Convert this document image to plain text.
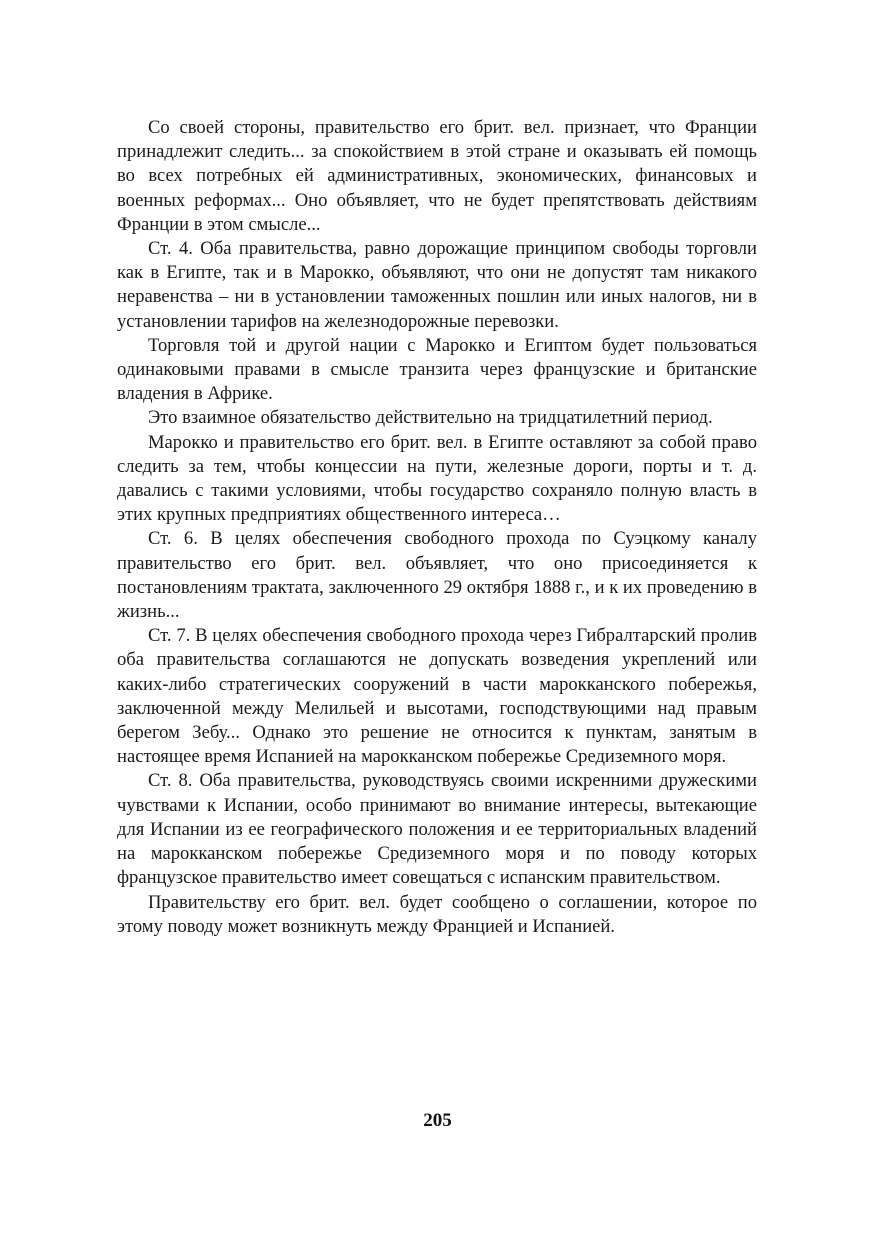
Со своей стороны, правительство его брит. вел. признает, что Франции принадлежит следить... за спокойствием в этой стране и оказывать ей помощь во всех потребных ей административных, экономических, финансовых и военных реформах... Оно объявляет, что не будет препятствовать действиям Франции в этом смысле...

Ст. 4. Оба правительства, равно дорожащие принципом свободы торговли как в Египте, так и в Марокко, объявляют, что они не допустят там никакого неравенства – ни в установлении таможенных пошлин или иных налогов, ни в установлении тарифов на железнодорожные перевозки.

Торговля той и другой нации с Марокко и Египтом будет пользоваться одинаковыми правами в смысле транзита через французские и британские владения в Африке.

Это взаимное обязательство действительно на тридцатилетний период.

Марокко и правительство его брит. вел. в Египте оставляют за собой право следить за тем, чтобы концессии на пути, железные дороги, порты и т. д. давались с такими условиями, чтобы государство сохраняло полную власть в этих крупных предприятиях общественного интереса…

Ст. 6. В целях обеспечения свободного прохода по Суэцкому каналу правительство его брит. вел. объявляет, что оно присоединяется к постановлениям трактата, заключенного 29 октября 1888 г., и к их проведению в жизнь...

Ст. 7. В целях обеспечения свободного прохода через Гибралтарский пролив оба правительства соглашаются не допускать возведения укреплений или каких-либо стратегических сооружений в части марокканского побережья, заключенной между Мелильей и высотами, господствующими над правым берегом Зебу... Однако это решение не относится к пунктам, занятым в настоящее время Испанией на марокканском побережье Средиземного моря.

Ст. 8. Оба правительства, руководствуясь своими искренними дружескими чувствами к Испании, особо принимают во внимание интересы, вытекающие для Испании из ее географического положения и ее территориальных владений на марокканском побережье Средиземного моря и по поводу которых французское правительство имеет совещаться с испанским правительством.

Правительству его брит. вел. будет сообщено о соглашении, которое по этому поводу может возникнуть между Францией и Испанией.

205
